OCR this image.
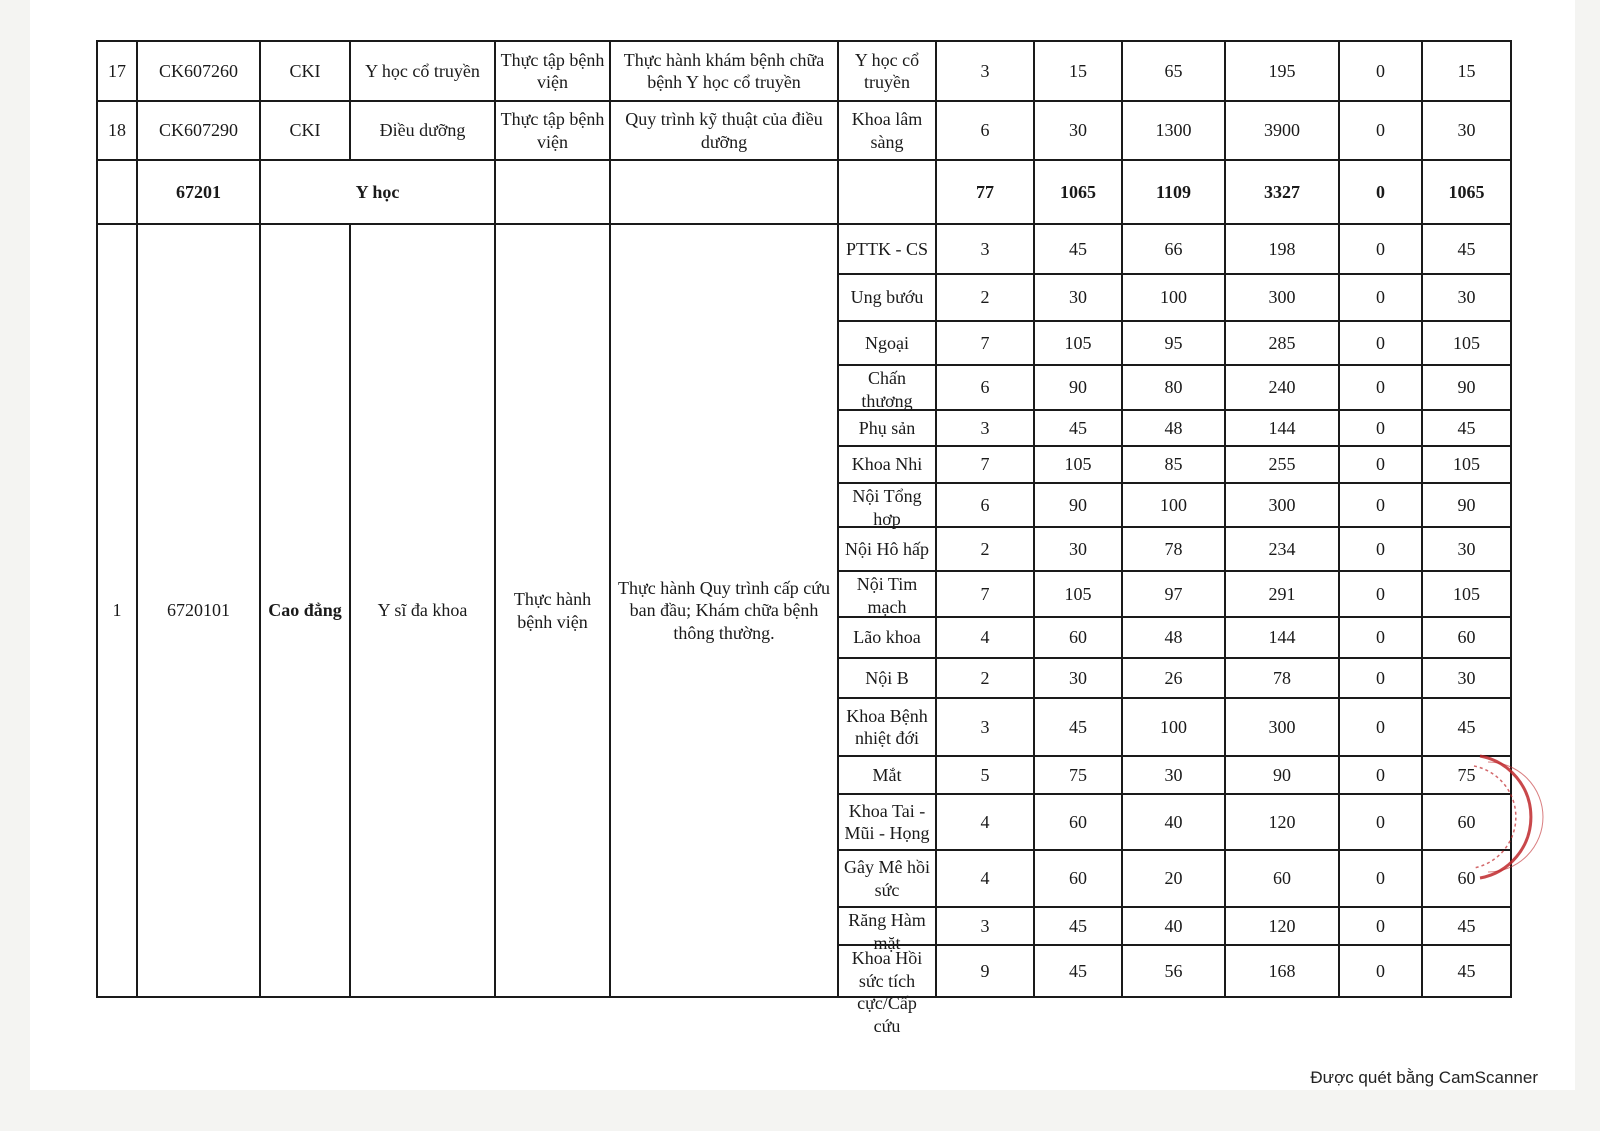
17	CK607260	CKI	Y học cổ truyền	Thực tập bệnh viện	Thực hành khám bệnh chữa bệnh Y học cổ truyền	Y học cổ truyền	3	15	65	195	0	15
18	CK607290	CKI	Điều dưỡng	Thực tập bệnh viện	Quy trình kỹ thuật của điều dưỡng	Khoa lâm sàng	6	30	1300	3900	0	30
	67201	Y học					77	1065	1109	3327	0	1065
1	6720101	Cao đẳng	Y sĩ đa khoa	Thực hành bệnh viện	Thực hành Quy trình cấp cứu ban đầu; Khám chữa bệnh thông thường.	PTTK - CS	3	45	66	198	0	45

						Ung bướu	2	30	100	300	0	30

						Ngoại	7	105	95	285	0	105

						Chấn thương	6	90	80	240	0	90

						Phụ sản	3	45	48	144	0	45

						Khoa Nhi	7	105	85	255	0	105

						Nội Tổng hợp	6	90	100	300	0	90

						Nội Hô hấp	2	30	78	234	0	30

						Nội Tim mạch	7	105	97	291	0	105

						Lão khoa	4	60	48	144	0	60

						Nội B	2	30	26	78	0	30

						Khoa Bệnh nhiệt đới	3	45	100	300	0	45

						Mắt	5	75	30	90	0	75

						Khoa Tai - Mũi - Họng	4	60	40	120	0	60

						Gây Mê hồi sức	4	60	20	60	0	60

						Răng Hàm mặt	3	45	40	120	0	45

						Khoa Hồi sức tích cực/Cấp cứu	9	45	56	168	0	45
Được quét bằng CamScanner
